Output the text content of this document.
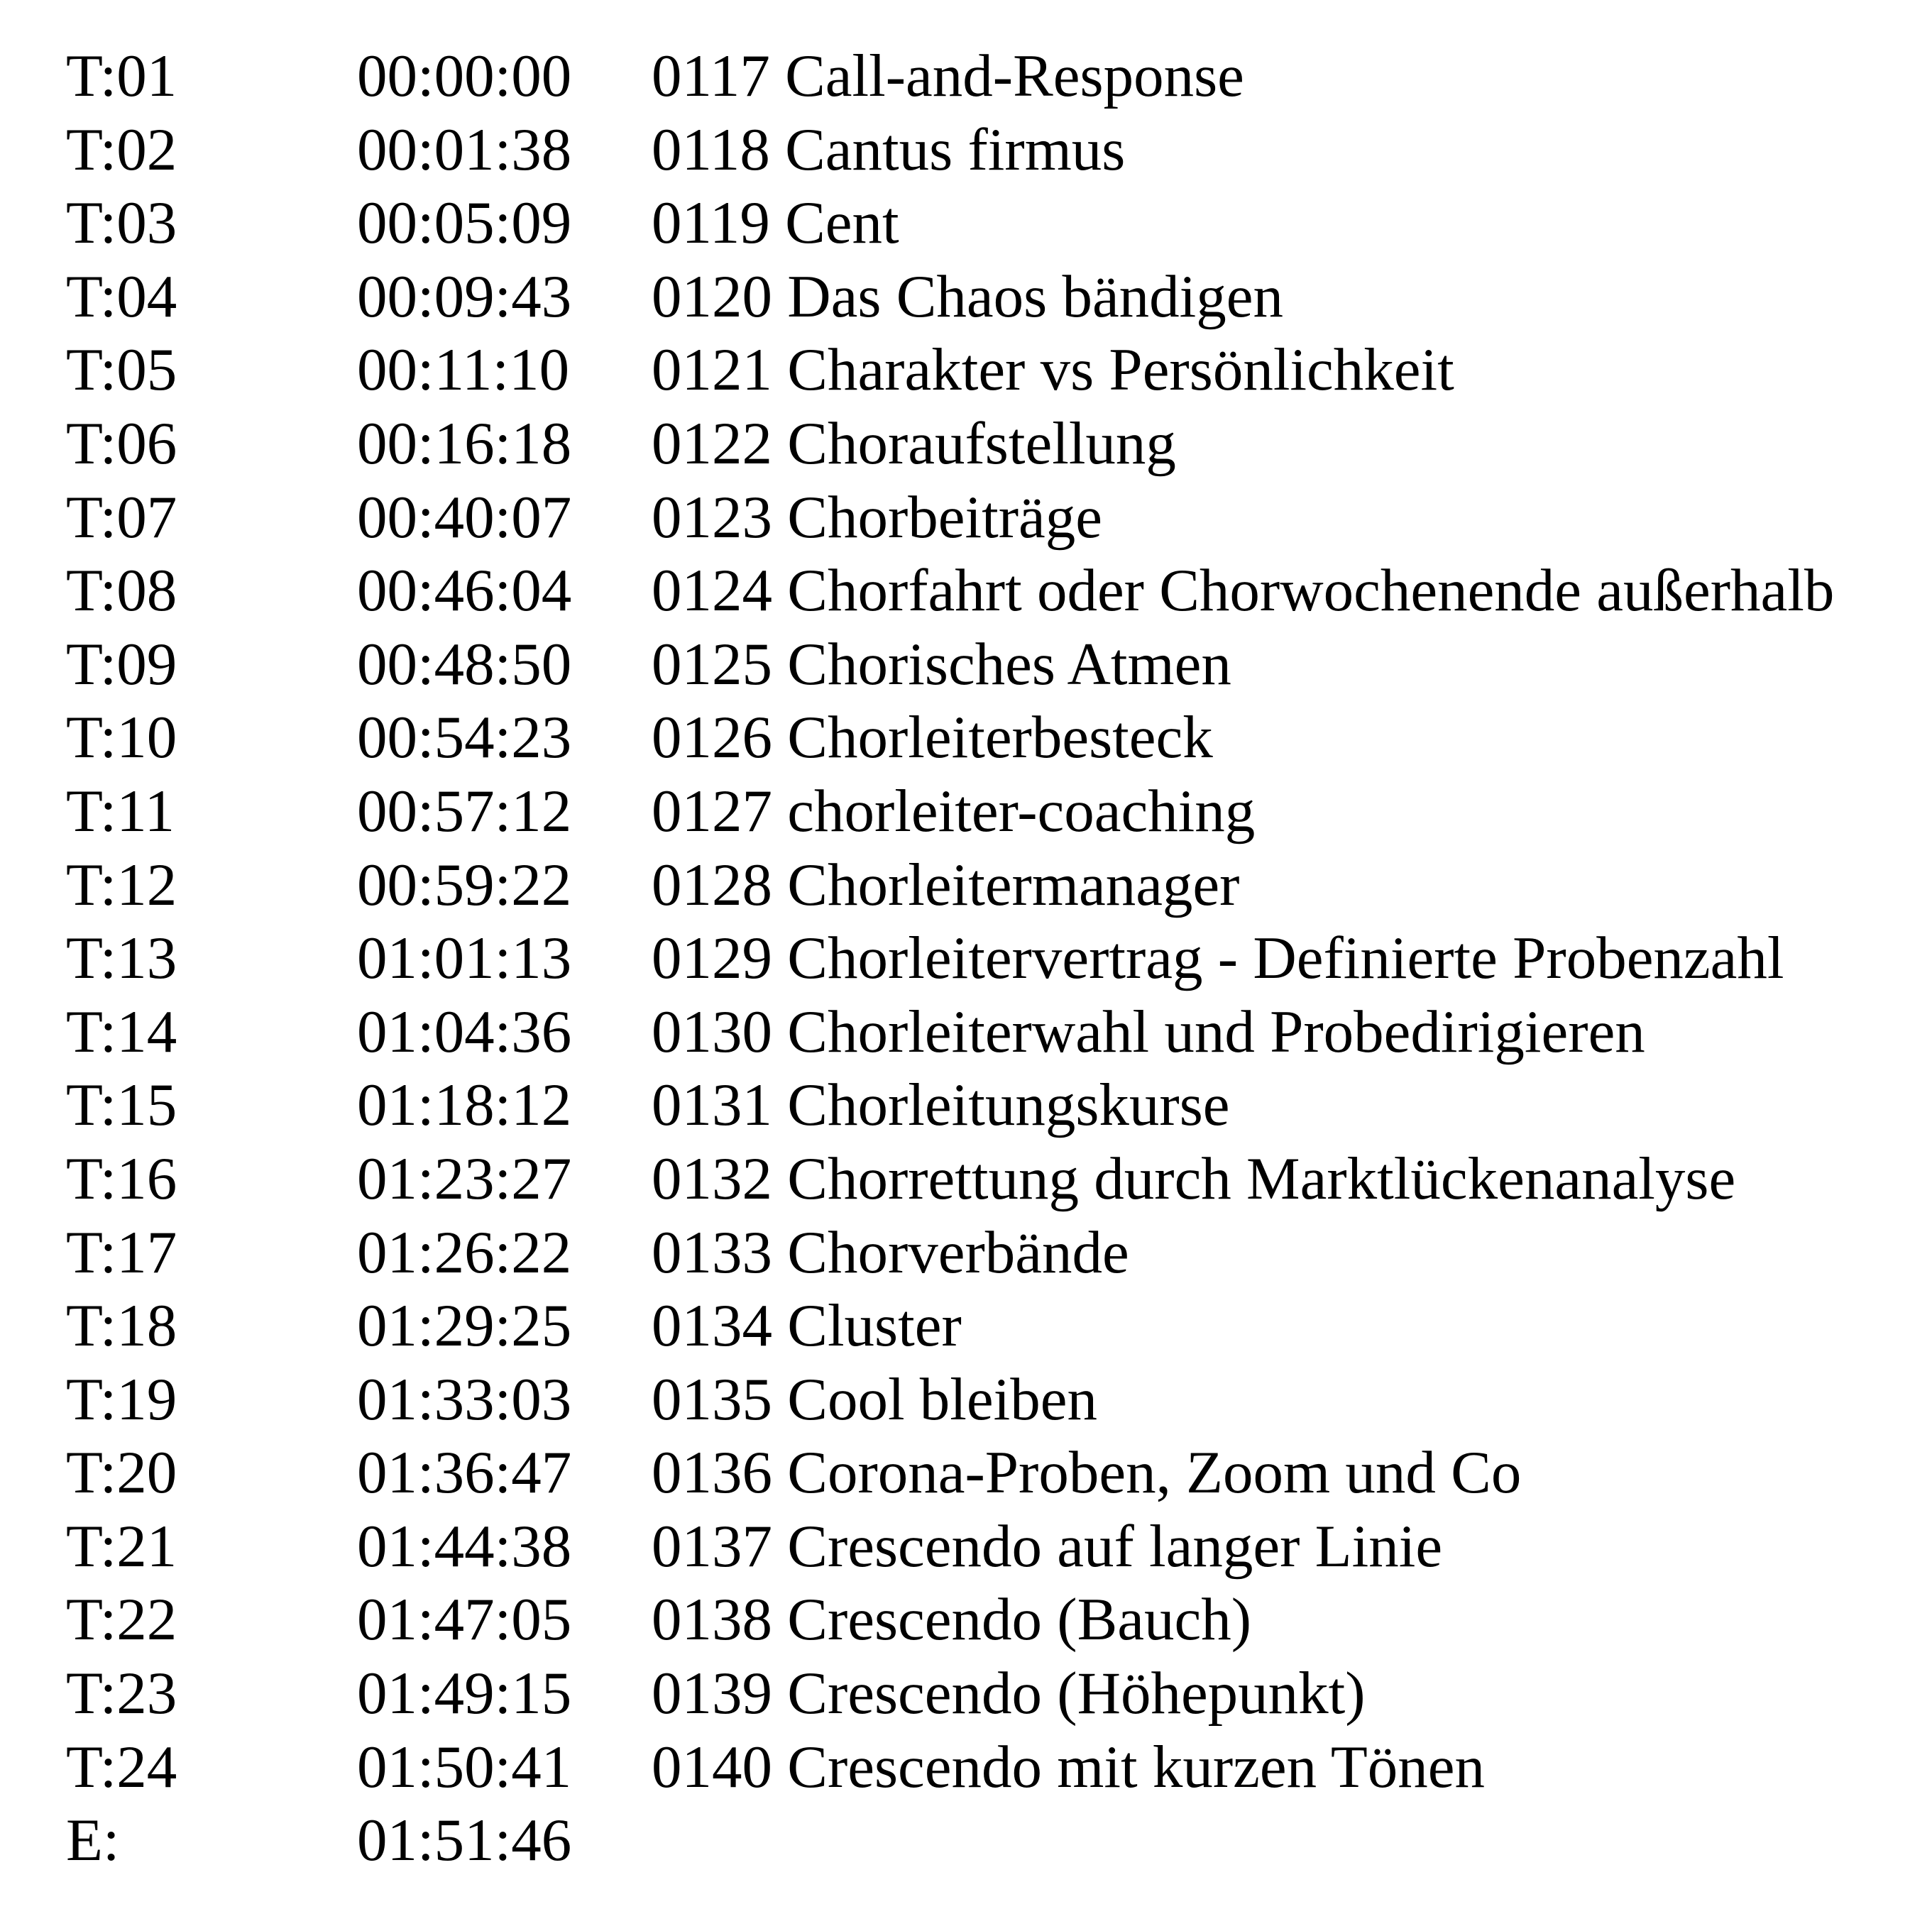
T:01	00:00:00 0117 Call-and-Response
T:02	00:01:38 0118 Cantus firmus
T:03	00:05:09 0119 Cent
T:04	00:09:43 0120 Das Chaos bändigen
T:05	00:11:10 0121 Charakter vs Persönlichkeit
T:06	00:16:18 0122 Choraufstellung
T:07	00:40:07 0123 Chorbeiträge
T:08	00:46:04 0124 Chorfahrt oder Chorwochenende außerhalb
T:09	00:48:50 0125 Chorisches Atmen
T:10	00:54:23 0126 Chorleiterbesteck
T:11	00:57:12 0127 chorleiter-coaching
T:12	00:59:22 0128 Chorleitermanager
T:13	01:01:13 0129 Chorleitervertrag - Definierte Probenzahl
T:14	01:04:36 0130 Chorleiterwahl und Probedirigieren
T:15	01:18:12 0131 Chorleitungskurse
T:16	01:23:27 0132 Chorrettung durch Marktlückenanalyse
T:17	01:26:22 0133 Chorverbände
T:18	01:29:25 0134 Cluster
T:19	01:33:03 0135 Cool bleiben
T:20	01:36:47 0136 Corona-Proben, Zoom und Co
T:21	01:44:38 0137 Crescendo auf langer Linie
T:22	01:47:05 0138 Crescendo (Bauch)
T:23	01:49:15 0139 Crescendo (Höhepunkt)
T:24	01:50:41 0140 Crescendo mit kurzen Tönen
E:	01:51:46
